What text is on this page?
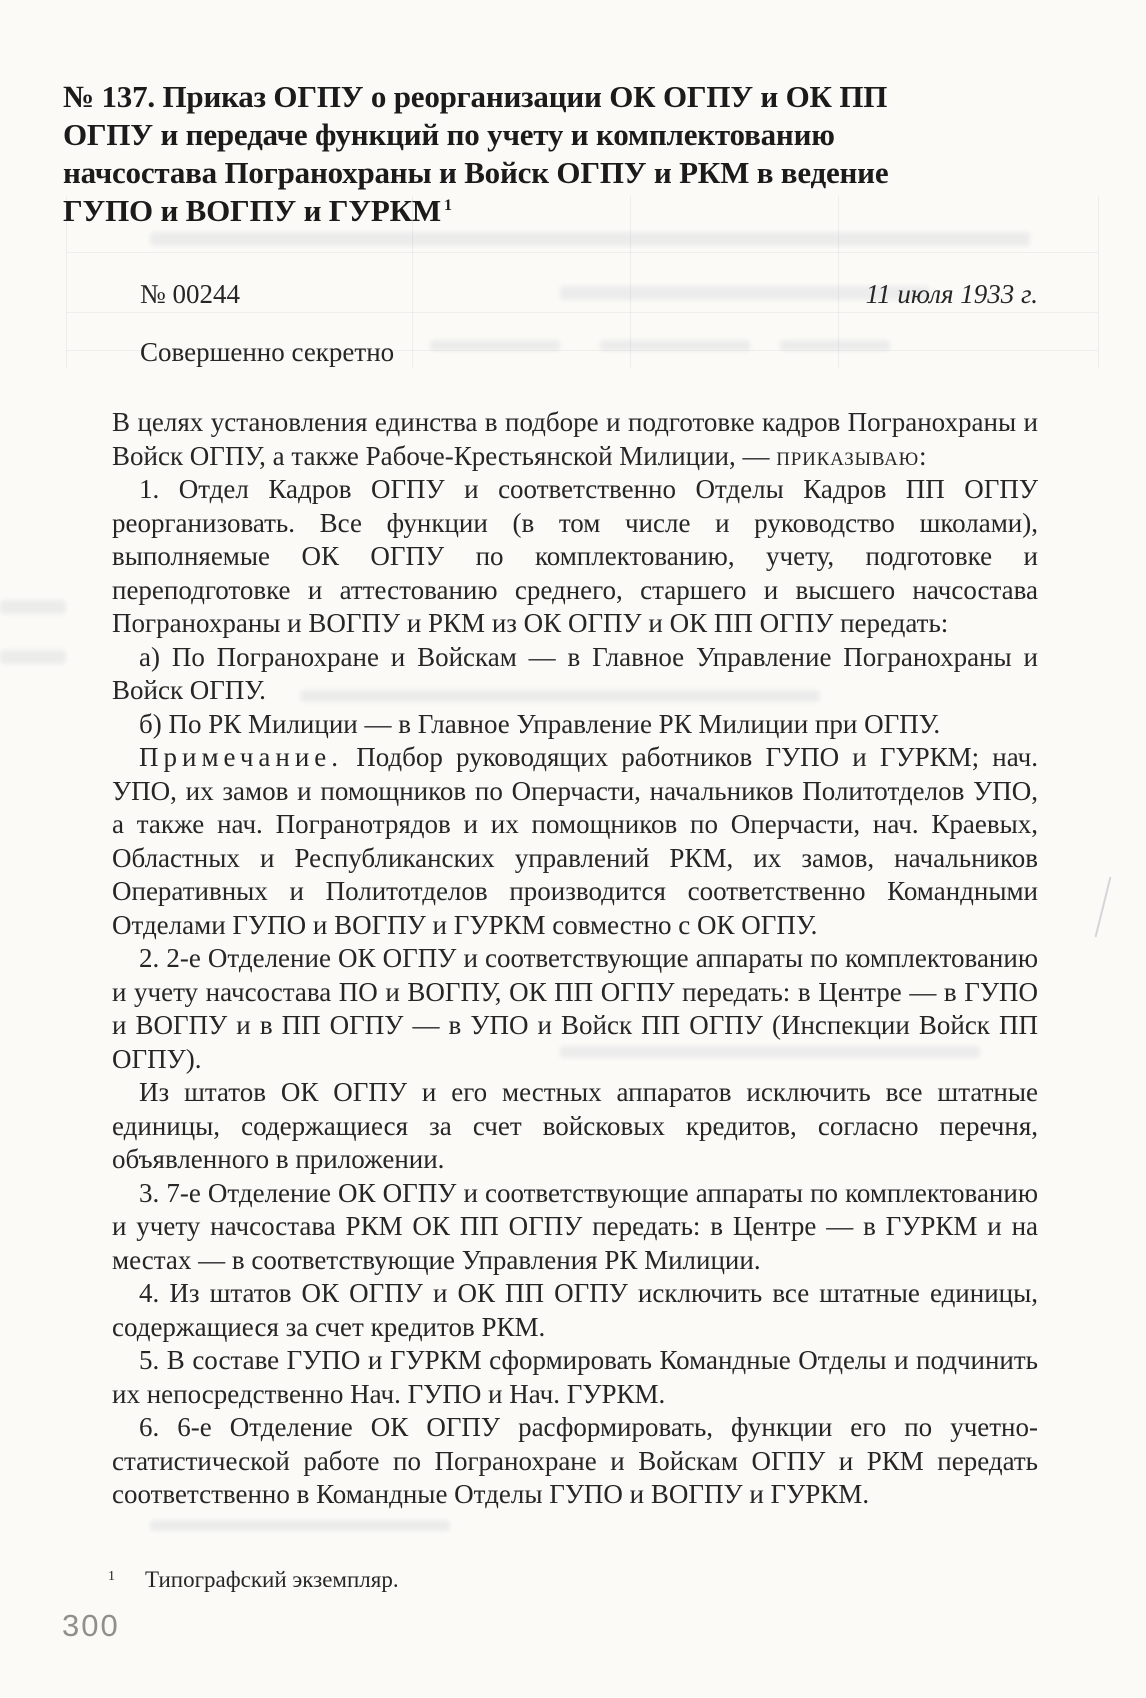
№ 137. Приказ ОГПУ о реорганизации ОК ОГПУ и ОК ПП ОГПУ и передаче функций по учету и комплектованию начсостава Погранохраны и Войск ОГПУ и РКМ в ведение ГУПО и ВОГПУ и ГУРКМ $^1$
№ 00244	11 июля 1933 г.
Совершенно секретно

В целях установления единства в подборе и подготовке кадров Погранохраны и Войск ОГПУ, а также Рабоче-Крестьянской Милиции, — приказываю:

1. Отдел Кадров ОГПУ и соответственно Отделы Кадров ПП ОГПУ реорганизовать. Все функции (в том числе и руководство школами), выполняемые ОК ОГПУ по комплектованию, учету, подготовке и переподготовке и аттестованию среднего, старшего и высшего начсостава Погранохраны и ВОГПУ и РКМ из ОК ОГПУ и ОК ПП ОГПУ передать:

а) По Погранохране и Войскам — в Главное Управление Погранохраны и Войск ОГПУ.

б) По РК Милиции — в Главное Управление РК Милиции при ОГПУ.

Примечание. Подбор руководящих работников ГУПО и ГУРКМ; нач. УПО, их замов и помощников по Оперчасти, начальников Политотделов УПО, а также нач. Погранотрядов и их помощников по Оперчасти, нач. Краевых, Областных и Республиканских управлений РКМ, их замов, начальников Оперативных и Политотделов производится соответственно Командными Отделами ГУПО и ВОГПУ и ГУРКМ совместно с ОК ОГПУ.

2. 2-е Отделение ОК ОГПУ и соответствующие аппараты по комплектованию и учету начсостава ПО и ВОГПУ, ОК ПП ОГПУ передать: в Центре — в ГУПО и ВОГПУ и в ПП ОГПУ — в УПО и Войск ПП ОГПУ (Инспекции Войск ПП ОГПУ).

Из штатов ОК ОГПУ и его местных аппаратов исключить все штатные единицы, содержащиеся за счет войсковых кредитов, согласно перечня, объявленного в приложении.

3. 7-е Отделение ОК ОГПУ и соответствующие аппараты по комплектованию и учету начсостава РКМ ОК ПП ОГПУ передать: в Центре — в ГУРКМ и на местах — в соответствующие Управления РК Милиции.

4. Из штатов ОК ОГПУ и ОК ПП ОГПУ исключить все штатные единицы, содержащиеся за счет кредитов РКМ.

5. В составе ГУПО и ГУРКМ сформировать Командные Отделы и подчинить их непосредственно Нач. ГУПО и Нач. ГУРКМ.

6. 6-е Отделение ОК ОГПУ расформировать, функции его по учетно-статистической работе по Погранохране и Войскам ОГПУ и РКМ передать соответственно в Командные Отделы ГУПО и ВОГПУ и ГУРКМ.

$^1$ Типографский экземпляр.
300
